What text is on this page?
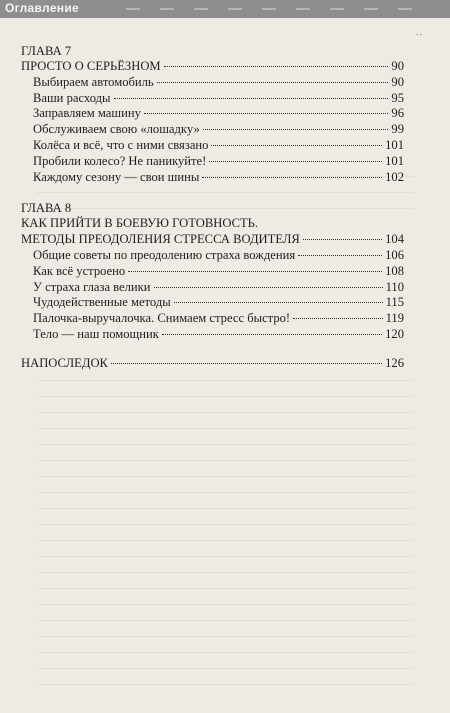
Оглавление
..
ГЛАВА 7
ПРОСТО О СЕРЬЁЗНОМ	90
Выбираем автомобиль	90
Ваши расходы	95
Заправляем машину	96
Обслуживаем свою «лошадку»	99
Колёса и всё, что с ними связано	101
Пробили колесо? Не паникуйте!	101
Каждому сезону — свои шины	102
ГЛАВА 8
КАК ПРИЙТИ В БОЕВУЮ ГОТОВНОСТЬ.
МЕТОДЫ ПРЕОДОЛЕНИЯ СТРЕССА ВОДИТЕЛЯ	104
Общие советы по преодолению страха вождения	106
Как всё устроено	108
У страха глаза велики	110
Чудодейственные методы	115
Палочка-выручалочка. Снимаем стресс быстро!	119
Тело — наш помощник	120
НАПОСЛЕДОК	126
